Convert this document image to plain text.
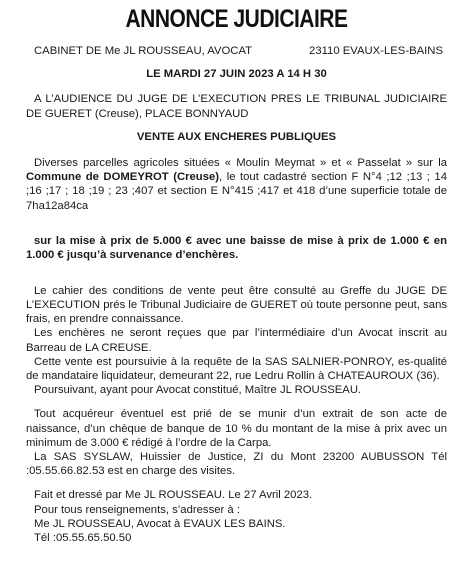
ANNONCE JUDICIAIRE
CABINET DE Me JL ROUSSEAU, AVOCAT	23110 EVAUX-LES-BAINS
LE MARDI 27 JUIN 2023 A 14 H 30

A L’AUDIENCE DU JUGE DE L’EXECUTION PRES LE TRIBUNAL JUDICIAIRE DE GUERET (Creuse), PLACE BONNYAUD

VENTE AUX ENCHERES PUBLIQUES

Diverses parcelles agricoles situées « Moulin Meymat » et « Passelat » sur la Commune de DOMEYROT (Creuse), le tout cadastré section F N°4 ;12 ;13 ; 14 ;16 ;17 ; 18 ;19 ; 23 ;407 et section E N°415 ;417 et 418 d’une superficie totale de 7ha12a84ca

sur la mise à prix de 5.000 € avec une baisse de mise à prix de 1.000 € en 1.000 € jusqu’à survenance d’enchères.

Le cahier des conditions de vente peut être consulté au Greffe du JUGE DE L’EXECUTION prés le Tribunal Judiciaire de GUERET où toute personne peut, sans frais, en prendre connaissance.

Les enchères ne seront reçues que par l’intermédiaire d’un Avocat inscrit au Barreau de LA CREUSE.

Cette vente est poursuivie à la requête de la SAS SALNIER-PONROY, es-qualité de mandataire liquidateur, demeurant 22, rue Ledru Rollin à CHATEAUROUX (36).

Poursuivant, ayant pour Avocat constitué, Maître JL ROUSSEAU.

Tout acquéreur éventuel est prié de se munir d’un extrait de son acte de naissance, d’un chèque de banque de 10 % du montant de la mise à prix avec un minimum de 3.000 € rédigé à l’ordre de la Carpa.

La SAS SYSLAW, Huissier de Justice, ZI du Mont 23200 AUBUSSON Tél :05.55.66.82.53 est en charge des visites.

Fait et dressé par Me JL ROUSSEAU. Le 27 Avril 2023.
Pour tous renseignements, s’adresser à :
Me JL ROUSSEAU, Avocat à EVAUX LES BAINS.
Tél :05.55.65.50.50
